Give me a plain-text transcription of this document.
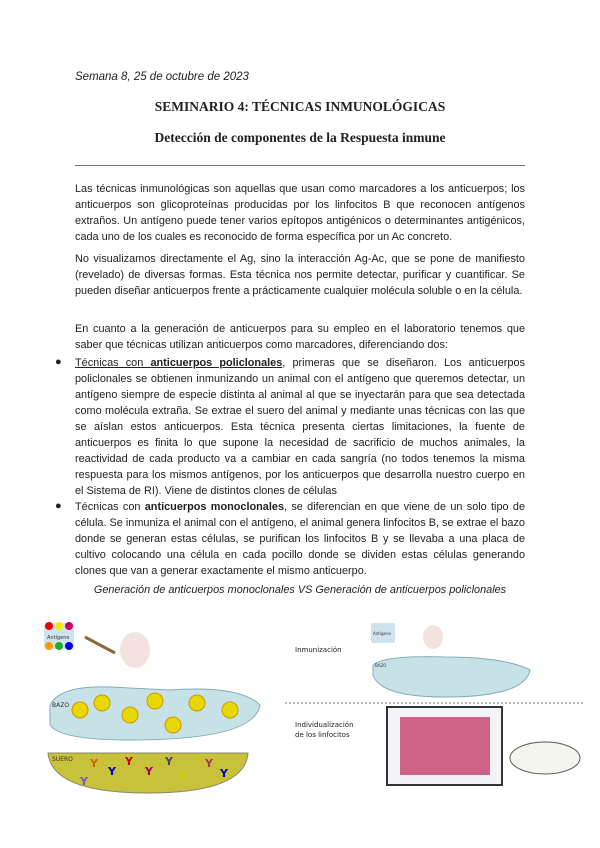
Semana 8, 25 de octubre de 2023
SEMINARIO 4: TÉCNICAS INMUNOLÓGICAS
Detección de componentes de la Respuesta inmune

Las técnicas inmunológicas son aquellas que usan como marcadores a los anticuerpos; los anticuerpos son glicoproteínas producidas por los linfocitos B que reconocen antígenos extraños. Un antígeno puede tener varios epítopos antigénicos o determinantes antigénicos, cada uno de los cuales es reconocido de forma específica por un Ac concreto.

No visualizamos directamente el Ag, sino la interacción Ag-Ac, que se pone de manifiesto (revelado) de diversas formas. Esta técnica nos permite detectar, purificar y cuantificar. Se pueden diseñar anticuerpos frente a prácticamente cualquier molécula soluble o en la célula.

En cuanto a la generación de anticuerpos para su empleo en el laboratorio tenemos que saber que técnicas utilizan anticuerpos como marcadores, diferenciando dos:

● Técnicas con anticuerpos policlonales, primeras que se diseñaron. Los anticuerpos policlonales se obtienen inmunizando un animal con el antígeno que queremos detectar, un antígeno siempre de especie distinta al animal al que se inyectarán para que sea detectada como molécula extraña. Se extrae el suero del animal y mediante unas técnicas con las que se aíslan estos anticuerpos. Esta técnica presenta ciertas limitaciones, la fuente de anticuerpos es finita lo que supone la necesidad de sacrificio de muchos animales, la reactividad de cada producto va a cambiar en cada sangría (no todos tenemos la misma respuesta para los mismos antígenos, por los anticuerpos que desarrolla nuestro cuerpo en el Sistema de RI). Viene de distintos clones de células

● Técnicas con anticuerpos monoclonales, se diferencian en que viene de un solo tipo de célula. Se inmuniza el animal con el antígeno, el animal genera linfocitos B, se extrae el bazo donde se generan estas células, se purifican los linfocitos B y se llevaba a una placa de cultivo colocando una célula en cada pocillo donde se dividen estas células generando clones que van a generar exactamente el mismo anticuerpo.

Generación de anticuerpos monoclonales VS Generación de anticuerpos policlonales
Antígeno
BAZO
SUERO Y
Y
Y
Y
Y
Y
Y
Y
Y
Antígeno
Inmunización
BAZO
Individualización
de los linfocitos
